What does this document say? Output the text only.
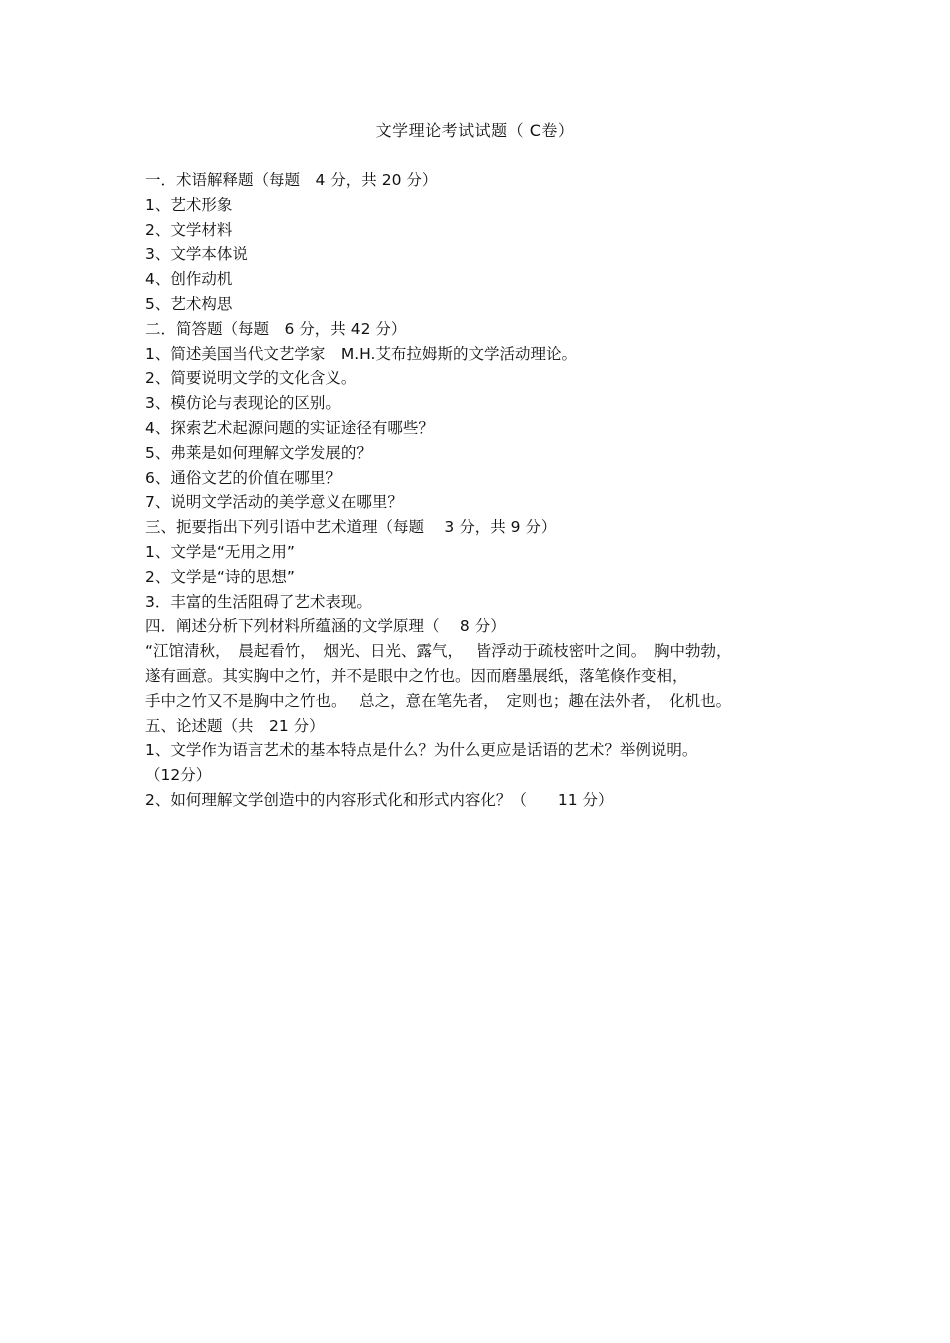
文学理论考试试题（ C卷）
一．术语解释题（每题　4 分，共 20 分）
1、艺术形象
2、文学材料
3、文学本体说
4、创作动机
5、艺术构思
二．简答题（每题　6 分，共 42 分）
1、简述美国当代文艺学家　M.H.艾布拉姆斯的文学活动理论。
2、简要说明文学的文化含义。
3、模仿论与表现论的区别。
4、探索艺术起源问题的实证途径有哪些？
5、弗莱是如何理解文学发展的？
6、通俗文艺的价值在哪里？
7、说明文学活动的美学意义在哪里？
三、扼要指出下列引语中艺术道理（每题　 3 分，共 9 分）
1、文学是“无用之用”
2、文学是“诗的思想”
3．丰富的生活阻碍了艺术表现。
四．阐述分析下列材料所蕴涵的文学原理（　 8 分）
“江馆清秋，　晨起看竹，　烟光、日光、露气，　 皆浮动于疏枝密叶之间。　胸中勃勃，
遂有画意。其实胸中之竹，并不是眼中之竹也。因而磨墨展纸，落笔倏作变相，
手中之竹又不是胸中之竹也。　 总之，意在笔先者，　定则也；趣在法外者，　化机也。
五、论述题（共　21 分）
1、文学作为语言艺术的基本特点是什么？为什么更应是话语的艺术？举例说明。
（12分）
2、如何理解文学创造中的内容形式化和形式内容化？（　　11 分）
